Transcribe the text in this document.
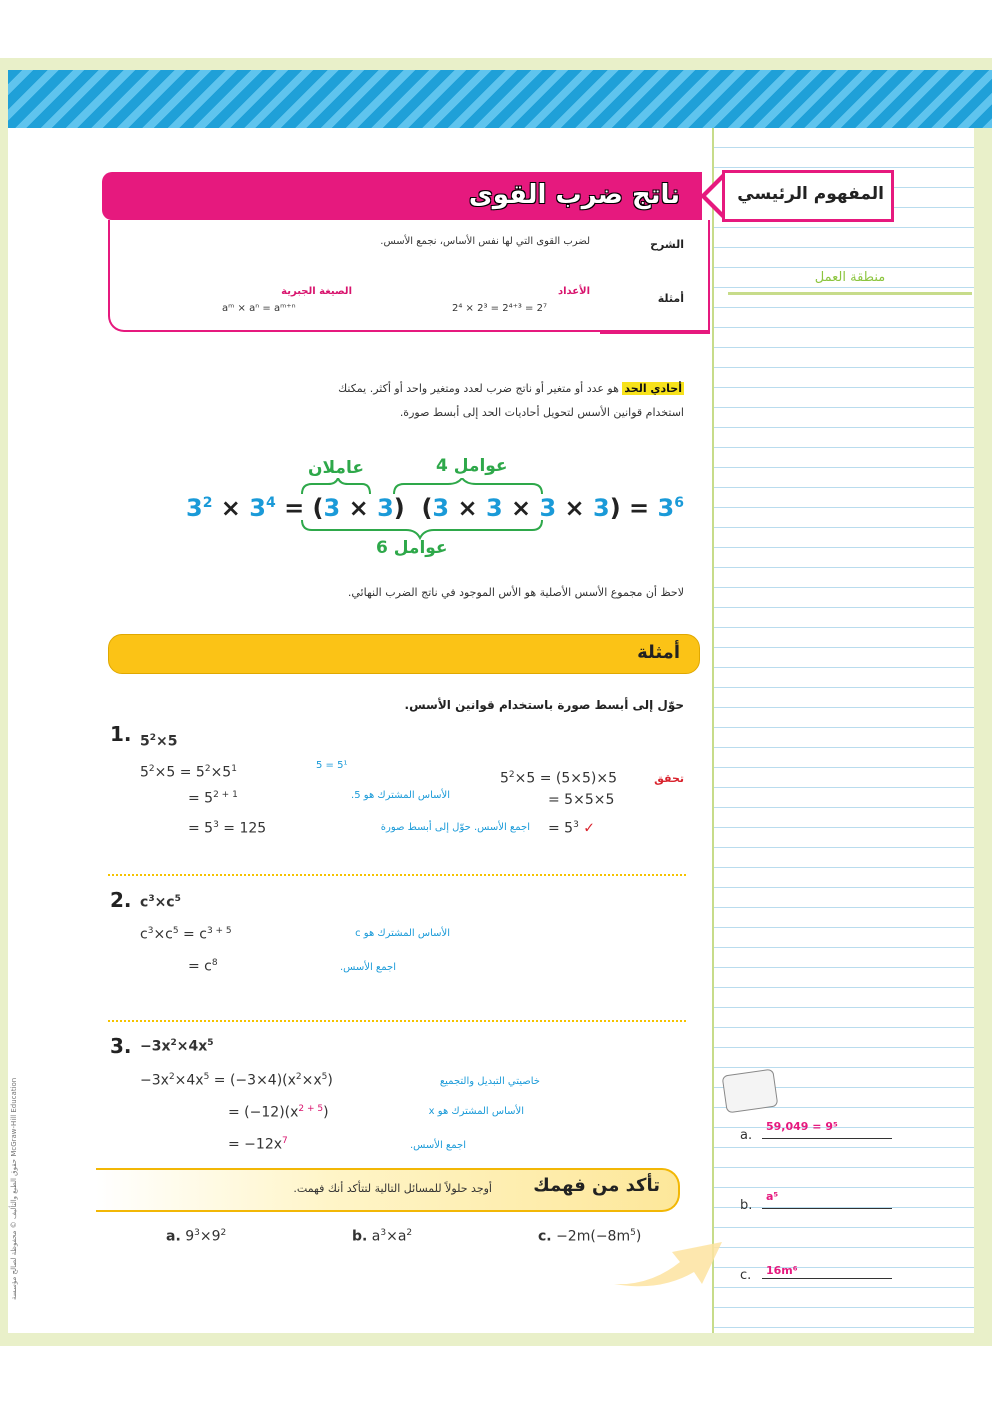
ناتج ضرب القوى	المفهوم الرئيسي
الشرح
لضرب القوى التي لها نفس الأساس، نجمع الأسس.
أمثلة
الأعداد
2⁴ × 2³ = 2⁴⁺³ = 2⁷
الصيغة الجبرية
aᵐ × aⁿ = aᵐ⁺ⁿ
أحادي الحد هو عدد أو متغير أو ناتج ضرب لعدد ومتغير واحد أو أكثر. يمكنك
استخدام قوانين الأسس لتحويل أحاديات الحد إلى أبسط صورة.
عاملان	4 عوامل
$3^2 \times 3^4 = (3 \times 3) (3 \times 3 \times 3 \times 3) = 3^6$
6 عوامل
لاحظ أن مجموع الأسس الأصلية هو الأس الموجود في ناتج الضرب النهائي.
أمثلة
حوّل إلى أبسط صورة باستخدام قوانين الأسس.
1. $5^2\times 5$
$5^2\times 5 = 5^2\times 5^1$
= $5^{2 + 1}$
= $5^3 = 125$
5 = 5¹
الأساس المشترك هو 5.
اجمع الأسس. حوّل إلى أبسط صورة
تحقق
$5^2\times 5 = (5\times 5)\times 5$
= 5×5×5
= $5^3$ ✓
2. $c^3\times c^5$
$c^3\times c^5 = c^{3 + 5}$
= $c^8$
الأساس المشترك هو c
اجمع الأسس.
3. $-3x^2\times 4x^5$
$-3x^2\times 4x^5 = (-3\times 4)(x^2\times x^5)$
= $(-12)(x^{2 + 5})$
= $-12x^7$
خاصيتي التبديل والتجميع
الأساس المشترك هو x
اجمع الأسس.
تأكد من فهمك
أوجد حلولاً للمسائل التالية لتتأكد أنك فهمت.
a. $9^3\times 9^2$	b. $a^3\times a^2$	c. $-2m(-8m^5)$
منطقة العمل
a.
59,049 = 9⁵
b.
a⁵
c. 16m⁶
حقوق الطبع والتأليف © محفوظة لصالح مؤسسة McGraw-Hill Education
